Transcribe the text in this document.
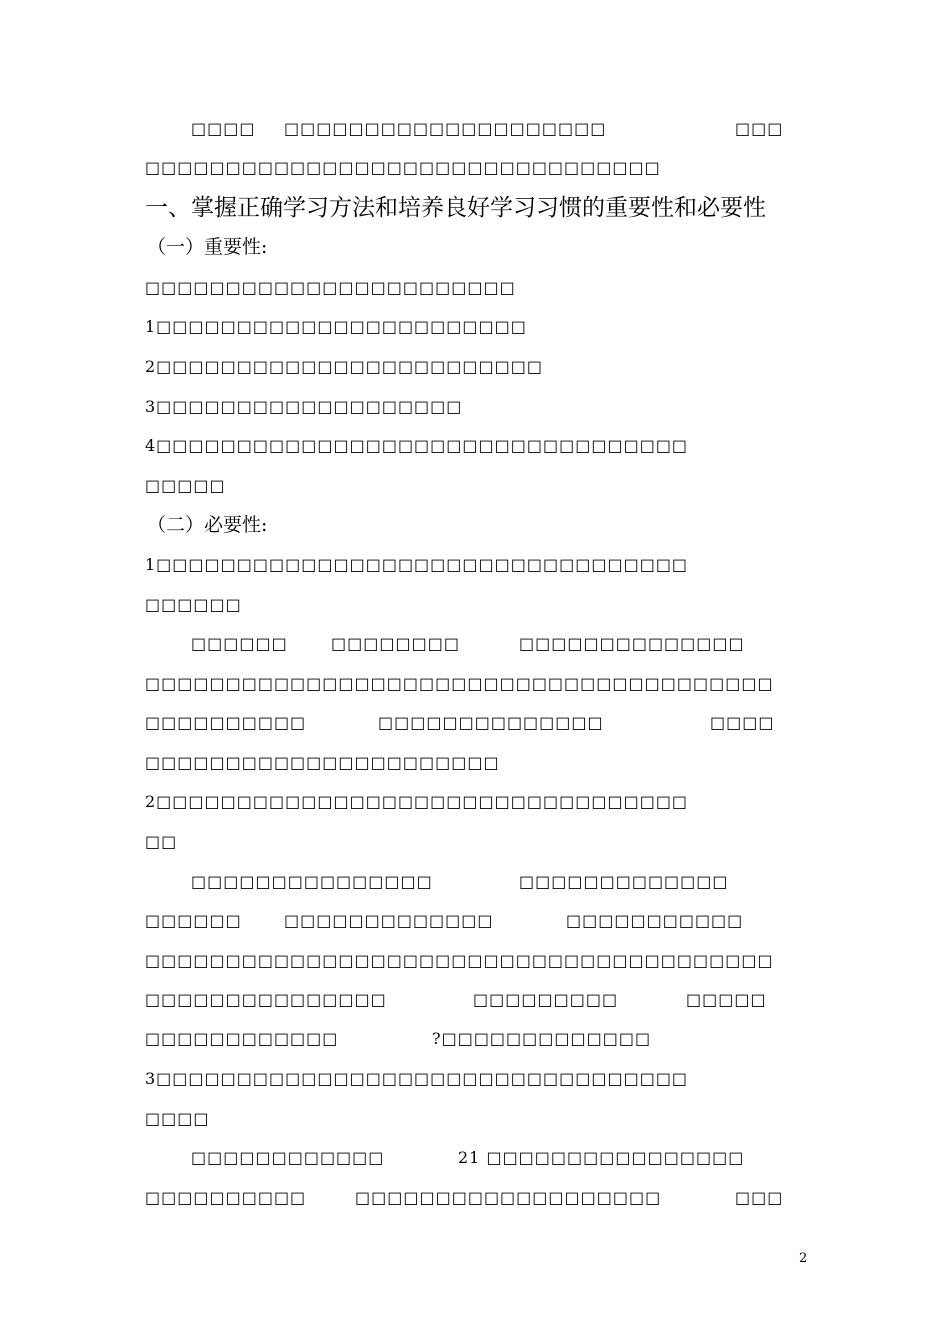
□□□□ □□□□□□□□□□□□□□□□□□□□	□□□
□□□□□□□□□□□□□□□□□□□□□□□□□□□□□□□□
一、掌握正确学习方法和培养良好学习习惯的重要性和必要性
（一）重要性:
□□□□□□□□□□□□□□□□□□□□□□□
1□□□□□□□□□□□□□□□□□□□□□□□
2□□□□□□□□□□□□□□□□□□□□□□□□
3□□□□□□□□□□□□□□□□□□□
4□□□□□□□□□□□□□□□□□□□□□□□□□□□□□□□□□
□□□□□
（二）必要性:
1□□□□□□□□□□□□□□□□□□□□□□□□□□□□□□□□□
□□□□□□
□□□□□□	□□□□□□□□	□□□□□□□□□□□□□□
□□□□□□□□□□□□□□□□□□□□□□□□□□□□□□□□□□□□□□□
□□□□□□□□□□	□□□□□□□□□□□□□□	□□□□
□□□□□□□□□□□□□□□□□□□□□□
2□□□□□□□□□□□□□□□□□□□□□□□□□□□□□□□□□
□□
□□□□□□□□□□□□□□□	□□□□□□□□□□□□□
□□□□□□	□□□□□□□□□□□□□	□□□□□□□□□□□
□□□□□□□□□□□□□□□□□□□□□□□□□□□□□□□□□□□□□□□
□□□□□□□□□□□□□□□	□□□□□□□□□	□□□□□
□□□□□□□□□□□□	?□□□□□□□□□□□□□
3□□□□□□□□□□□□□□□□□□□□□□□□□□□□□□□□□
□□□□
□□□□□□□□□□□□	21 □□□□□□□□□□□□□□□□
□□□□□□□□□□	□□□□□□□□□□□□□□□□□□□	□□□
2
